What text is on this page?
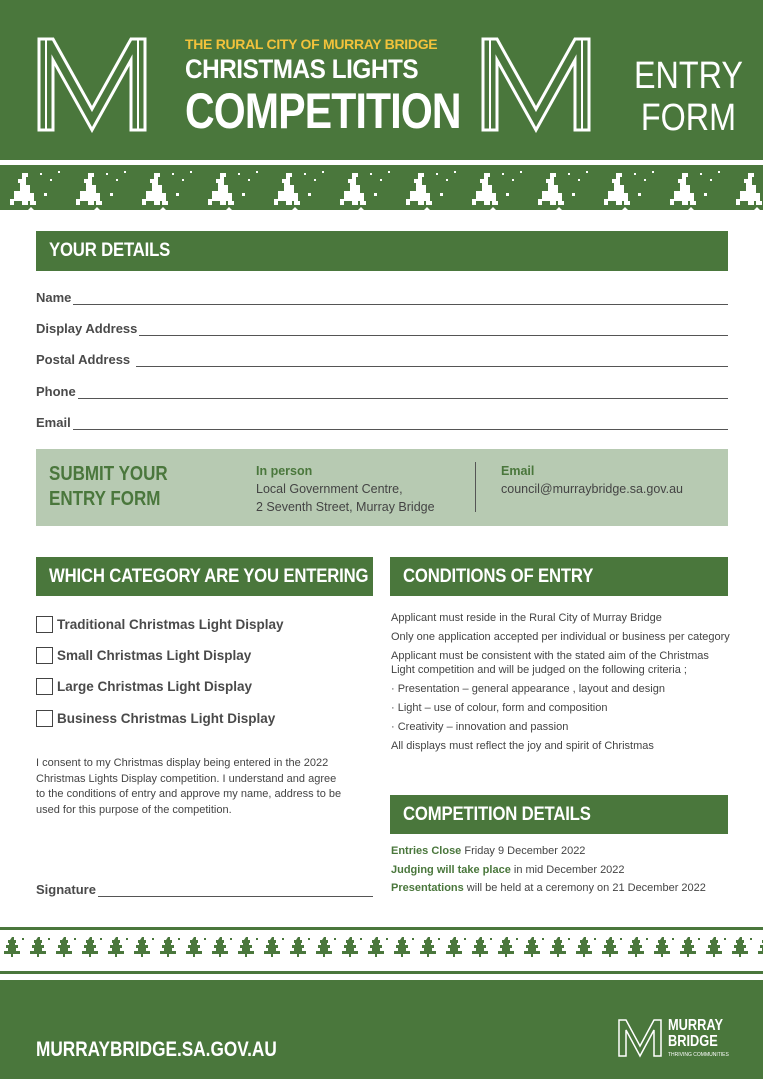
THE RURAL CITY OF MURRAY BRIDGE
CHRISTMAS LIGHTS
COMPETITION
ENTRY
FORM
YOUR DETAILS
Name
Display Address
Postal Address
Phone
Email
SUBMIT YOUR
ENTRY FORM
In person
Local Government Centre,
2 Seventh Street, Murray Bridge
Email
council@murraybridge.sa.gov.au
WHICH CATEGORY ARE YOU ENTERING
Traditional Christmas Light Display
Small Christmas Light Display
Large Christmas Light Display
Business Christmas Light Display
I consent to my Christmas display being entered in the 2022 Christmas Lights Display competition. I understand and agree to the conditions of entry and approve my name, address to be used for this purpose of the competition.
Signature
CONDITIONS OF ENTRY

Applicant must reside in the Rural City of Murray Bridge

Only one application accepted per individual or business per category

Applicant must be consistent with the stated aim of the Christmas Light competition and will be judged on the following criteria ;

· Presentation – general appearance , layout and design

· Light – use of colour, form and composition

· Creativity – innovation and passion

All displays must reflect the joy and spirit of Christmas

COMPETITION DETAILS

Entries Close Friday 9 December 2022

Judging will take place in mid December 2022

Presentations will be held at a ceremony on 21 December 2022

MURRAYBRIDGE.SA.GOV.AU
MURRAY
BRIDGE
THRIVING COMMUNITIES
